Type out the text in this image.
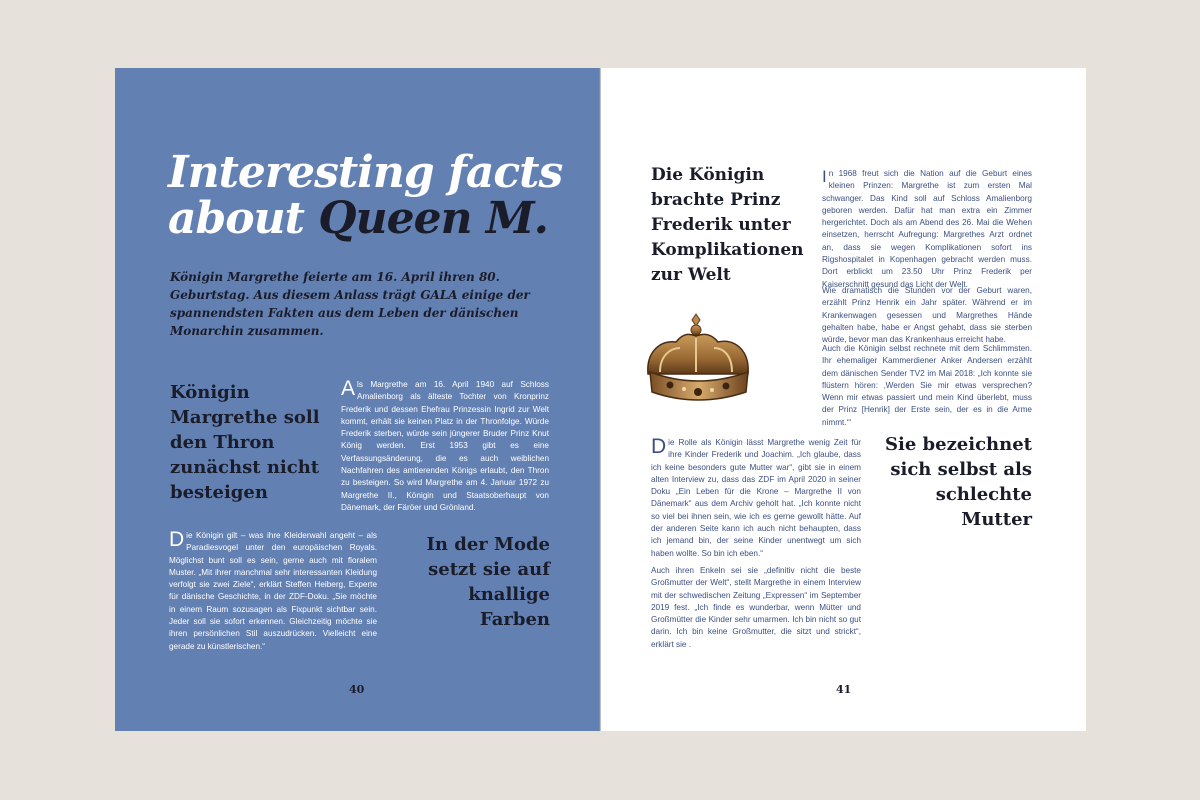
Interesting facts
about Queen M.

Königin Margrethe feierte am 16. April ihren 80. Geburtstag. Aus diesem Anlass trägt GALA einige der spannendsten Fakten aus dem Leben der dänischen Monarchin zusammen.

Königin Margrethe soll den Thron zunächst nicht besteigen

Als Margrethe am 16. April 1940 auf Schloss Amalienborg als älteste Tochter von Kronprinz Frederik und dessen Ehefrau Prinzessin Ingrid zur Welt kommt, erhält sie keinen Platz in der Thronfolge. Würde Frederik sterben, würde sein jüngerer Bruder Prinz Knut König werden. Erst 1953 gibt es eine Verfassungsänderung, die es auch weiblichen Nachfahren des amtierenden Königs erlaubt, den Thron zu besteigen. So wird Margrethe am 4. Januar 1972 zu Margrethe II., Königin und Staatsoberhaupt von Dänemark, der Färöer und Grönland.

Die Königin gilt – was ihre Kleiderwahl angeht – als Paradiesvogel unter den europäischen Royals. Möglichst bunt soll es sein, gerne auch mit floralem Muster. „Mit ihrer manchmal sehr interessanten Kleidung verfolgt sie zwei Ziele“, erklärt Steffen Heiberg, Experte für dänische Geschichte, in der ZDF-Doku. „Sie möchte in einem Raum sozusagen als Fixpunkt sichtbar sein. Jeder soll sie sofort erkennen. Gleichzeitig möchte sie ihren persönlichen Stil auszudrücken. Vielleicht eine gerade zu künstlerischen.“

In der Mode setzt sie auf knallige Farben

40

Die Königin brachte Prinz Frederik unter Komplikationen zur Welt

In 1968 freut sich die Nation auf die Geburt eines kleinen Prinzen: Margrethe ist zum ersten Mal schwanger. Das Kind soll auf Schloss Amalienborg geboren werden. Dafür hat man extra ein Zimmer hergerichtet. Doch als am Abend des 26. Mai die Wehen einsetzen, herrscht Aufregung: Margrethes Arzt ordnet an, dass sie wegen Komplikationen sofort ins Rigshospitalet in Kopenhagen gebracht werden muss. Dort erblickt um 23.50 Uhr Prinz Frederik per Kaiserschnitt gesund das Licht der Welt.

Wie dramatisch die Stunden vor der Geburt waren, erzählt Prinz Henrik ein Jahr später. Während er im Krankenwagen gesessen und Margrethes Hände gehalten habe, habe er Angst gehabt, dass sie sterben würde, bevor man das Krankenhaus erreicht habe.

Auch die Königin selbst rechnete mit dem Schlimmsten. Ihr ehemaliger Kammerdiener Anker Andersen erzählt dem dänischen Sender TV2 im Mai 2018: „Ich konnte sie flüstern hören: ‚Werden Sie mir etwas versprechen? Wenn mir etwas passiert und mein Kind überlebt, muss der Prinz [Henrik] der Erste sein, der es in die Arme nimmt.‘“

Die Rolle als Königin lässt Margrethe wenig Zeit für ihre Kinder Frederik und Joachim. „Ich glaube, dass ich keine besonders gute Mutter war“, gibt sie in einem alten Interview zu, dass das ZDF im April 2020 in seiner Doku „Ein Leben für die Krone – Margrethe II von Dänemark“ aus dem Archiv geholt hat. „Ich konnte nicht so viel bei ihnen sein, wie ich es gerne gewollt hätte. Auf der anderen Seite kann ich auch nicht behaupten, dass ich jemand bin, der seine Kinder unentwegt um sich haben wollte. So bin ich eben.“

Auch ihren Enkeln sei sie „definitiv nicht die beste Großmutter der Welt“, stellt Margrethe in einem Interview mit der schwedischen Zeitung „Expressen“ im September 2019 fest. „Ich finde es wunderbar, wenn Mütter und Großmütter die Kinder sehr umarmen. Ich bin nicht so gut darin. Ich bin keine Großmutter, die sitzt und strickt“, erklärt sie .

Sie bezeichnet sich selbst als schlechte Mutter

41
